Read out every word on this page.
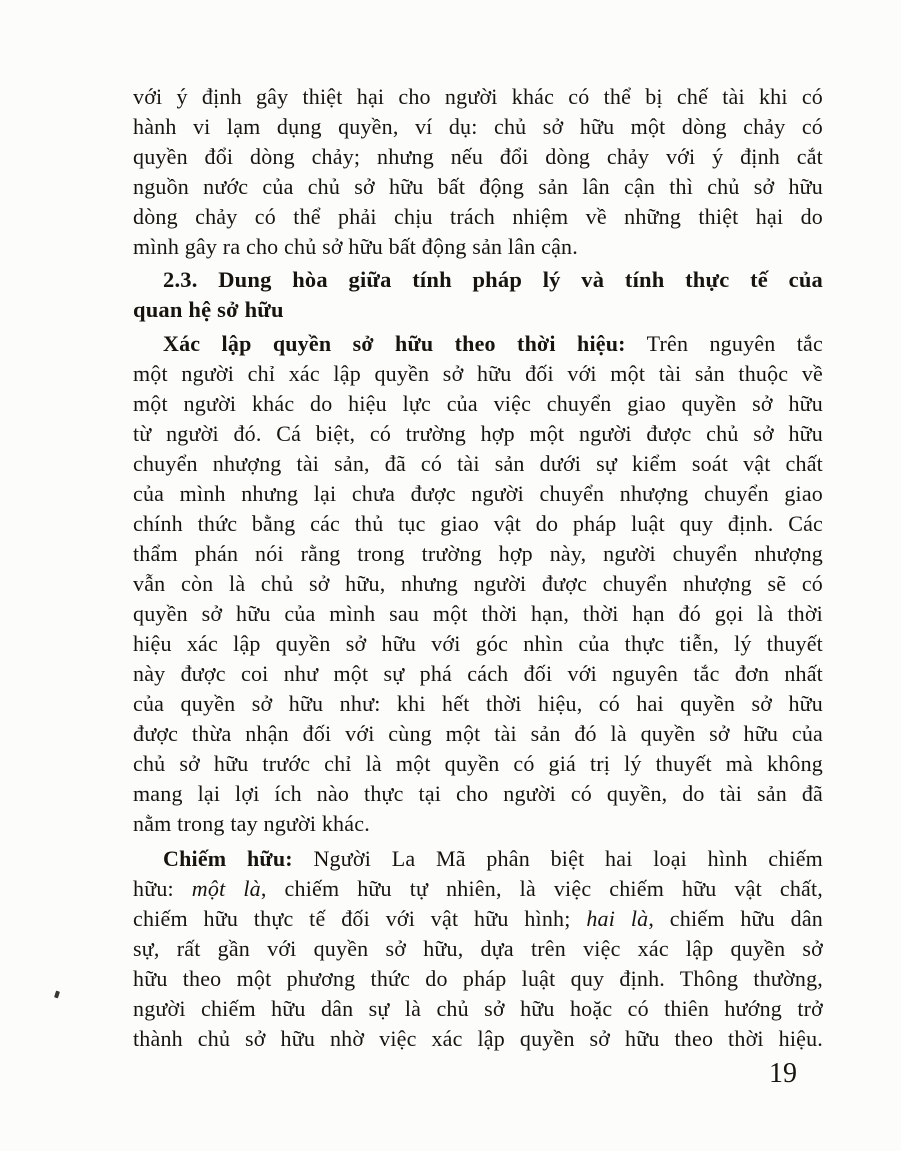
với ý định gây thiệt hại cho người khác có thể bị chế tài khi có
hành vi lạm dụng quyền, ví dụ: chủ sở hữu một dòng chảy có
quyền đổi dòng chảy; nhưng nếu đổi dòng chảy với ý định cắt
nguồn nước của chủ sở hữu bất động sản lân cận thì chủ sở hữu
dòng chảy có thể phải chịu trách nhiệm về những thiệt hại do
mình gây ra cho chủ sở hữu bất động sản lân cận.
2.3. Dung hòa giữa tính pháp lý và tính thực tế của
quan hệ sở hữu
Xác lập quyền sở hữu theo thời hiệu: Trên nguyên tắc
một người chỉ xác lập quyền sở hữu đối với một tài sản thuộc về
một người khác do hiệu lực của việc chuyển giao quyền sở hữu
từ người đó. Cá biệt, có trường hợp một người được chủ sở hữu
chuyển nhượng tài sản, đã có tài sản dưới sự kiểm soát vật chất
của mình nhưng lại chưa được người chuyển nhượng chuyển giao
chính thức bằng các thủ tục giao vật do pháp luật quy định. Các
thẩm phán nói rằng trong trường hợp này, người chuyển nhượng
vẫn còn là chủ sở hữu, nhưng người được chuyển nhượng sẽ có
quyền sở hữu của mình sau một thời hạn, thời hạn đó gọi là thời
hiệu xác lập quyền sở hữu với góc nhìn của thực tiễn, lý thuyết
này được coi như một sự phá cách đối với nguyên tắc đơn nhất
của quyền sở hữu như: khi hết thời hiệu, có hai quyền sở hữu
được thừa nhận đối với cùng một tài sản đó là quyền sở hữu của
chủ sở hữu trước chỉ là một quyền có giá trị lý thuyết mà không
mang lại lợi ích nào thực tại cho người có quyền, do tài sản đã
nằm trong tay người khác.
Chiếm hữu: Người La Mã phân biệt hai loại hình chiếm
hữu: một là, chiếm hữu tự nhiên, là việc chiếm hữu vật chất,
chiếm hữu thực tế đối với vật hữu hình; hai là, chiếm hữu dân
sự, rất gần với quyền sở hữu, dựa trên việc xác lập quyền sở
hữu theo một phương thức do pháp luật quy định. Thông thường,
người chiếm hữu dân sự là chủ sở hữu hoặc có thiên hướng trở
thành chủ sở hữu nhờ việc xác lập quyền sở hữu theo thời hiệu.
19
